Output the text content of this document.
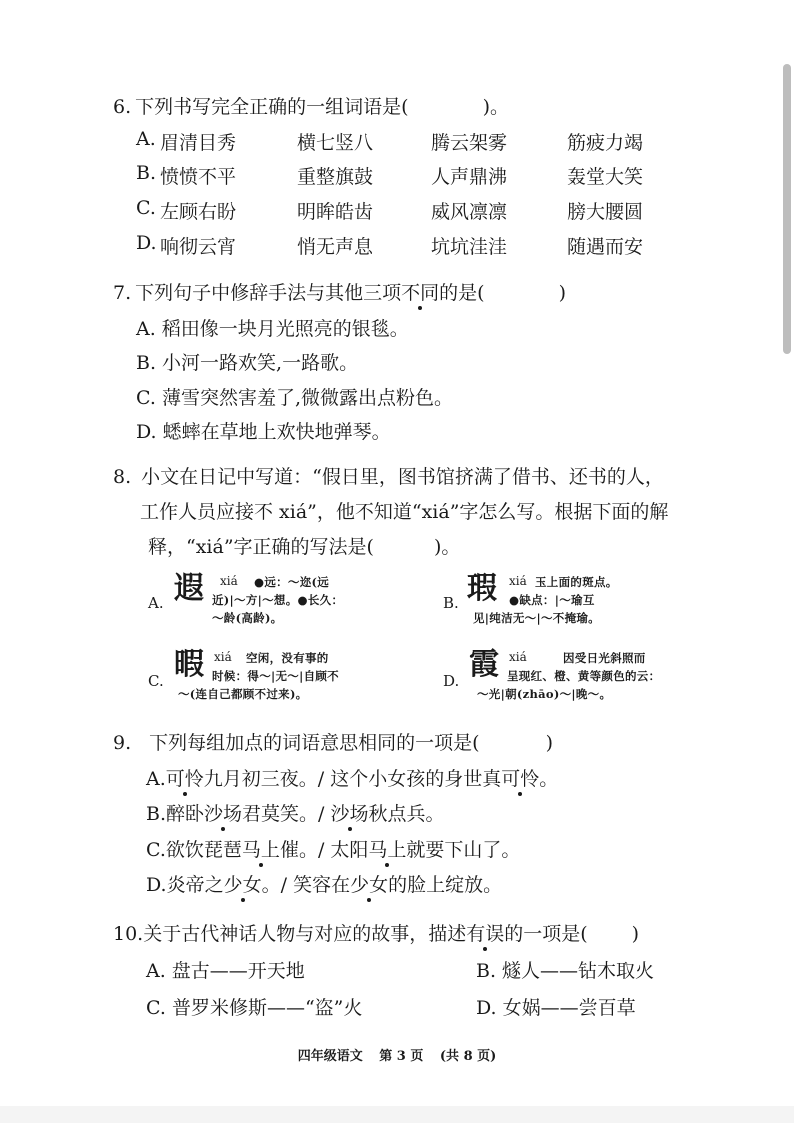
6. 下列书写完全正确的一组词语是(	)。
A. 眉清目秀	横七竖八	腾云架雾	筋疲力竭
B. 愤愤不平	重整旗鼓	人声鼎沸	轰堂大笑
C. 左顾右盼	明眸皓齿	威风凛凛	膀大腰圆
D. 响彻云宵	悄无声息	坑坑洼洼	随遇而安
7. 下列句子中修辞手法与其他三项不同的是(	)
A. 稻田像一块月光照亮的银毯。
B. 小河一路欢笑,一路歌。
C. 薄雪突然害羞了,微微露出点粉色。
D. 蟋蟀在草地上欢快地弹琴。
8. 小文在日记中写道：“假日里，图书馆挤满了借书、还书的人，
工作人员应接不 xiá”，他不知道“xiá”字怎么写。根据下面的解
释，“xiá”字正确的写法是(	)。
A. 遐 xiá ●远：～迩(远
近)|～方|～想。●长久：
～龄(高龄)。
B. 瑕 xiá 玉上面的斑点。
●缺点：|～瑜互
见|纯洁无～|～不掩瑜。
C. 暇 xiá 空闲，没有事的
时候：得～|无～|自顾不
～(连自己都顾不过来)。
D. 霞 xiá	因受日光斜照而
呈现红、橙、黄等颜色的云：
～光|朝(zhāo)～|晚～。
9. 下列每组加点的词语意思相同的一项是(	)
A.可怜九月初三夜。/ 这个小女孩的身世真可怜。
B.醉卧沙场君莫笑。/ 沙场秋点兵。
C.欲饮琵琶马上催。/ 太阳马上就要下山了。
D.炎帝之少女。/ 笑容在少女的脸上绽放。
10.关于古代神话人物与对应的故事，描述有误的一项是( )
A. 盘古——开天地	B. 燧人——钻木取火
C. 普罗米修斯——“盗”火	D. 女娲——尝百草
四年级语文 第 3 页 (共 8 页)
